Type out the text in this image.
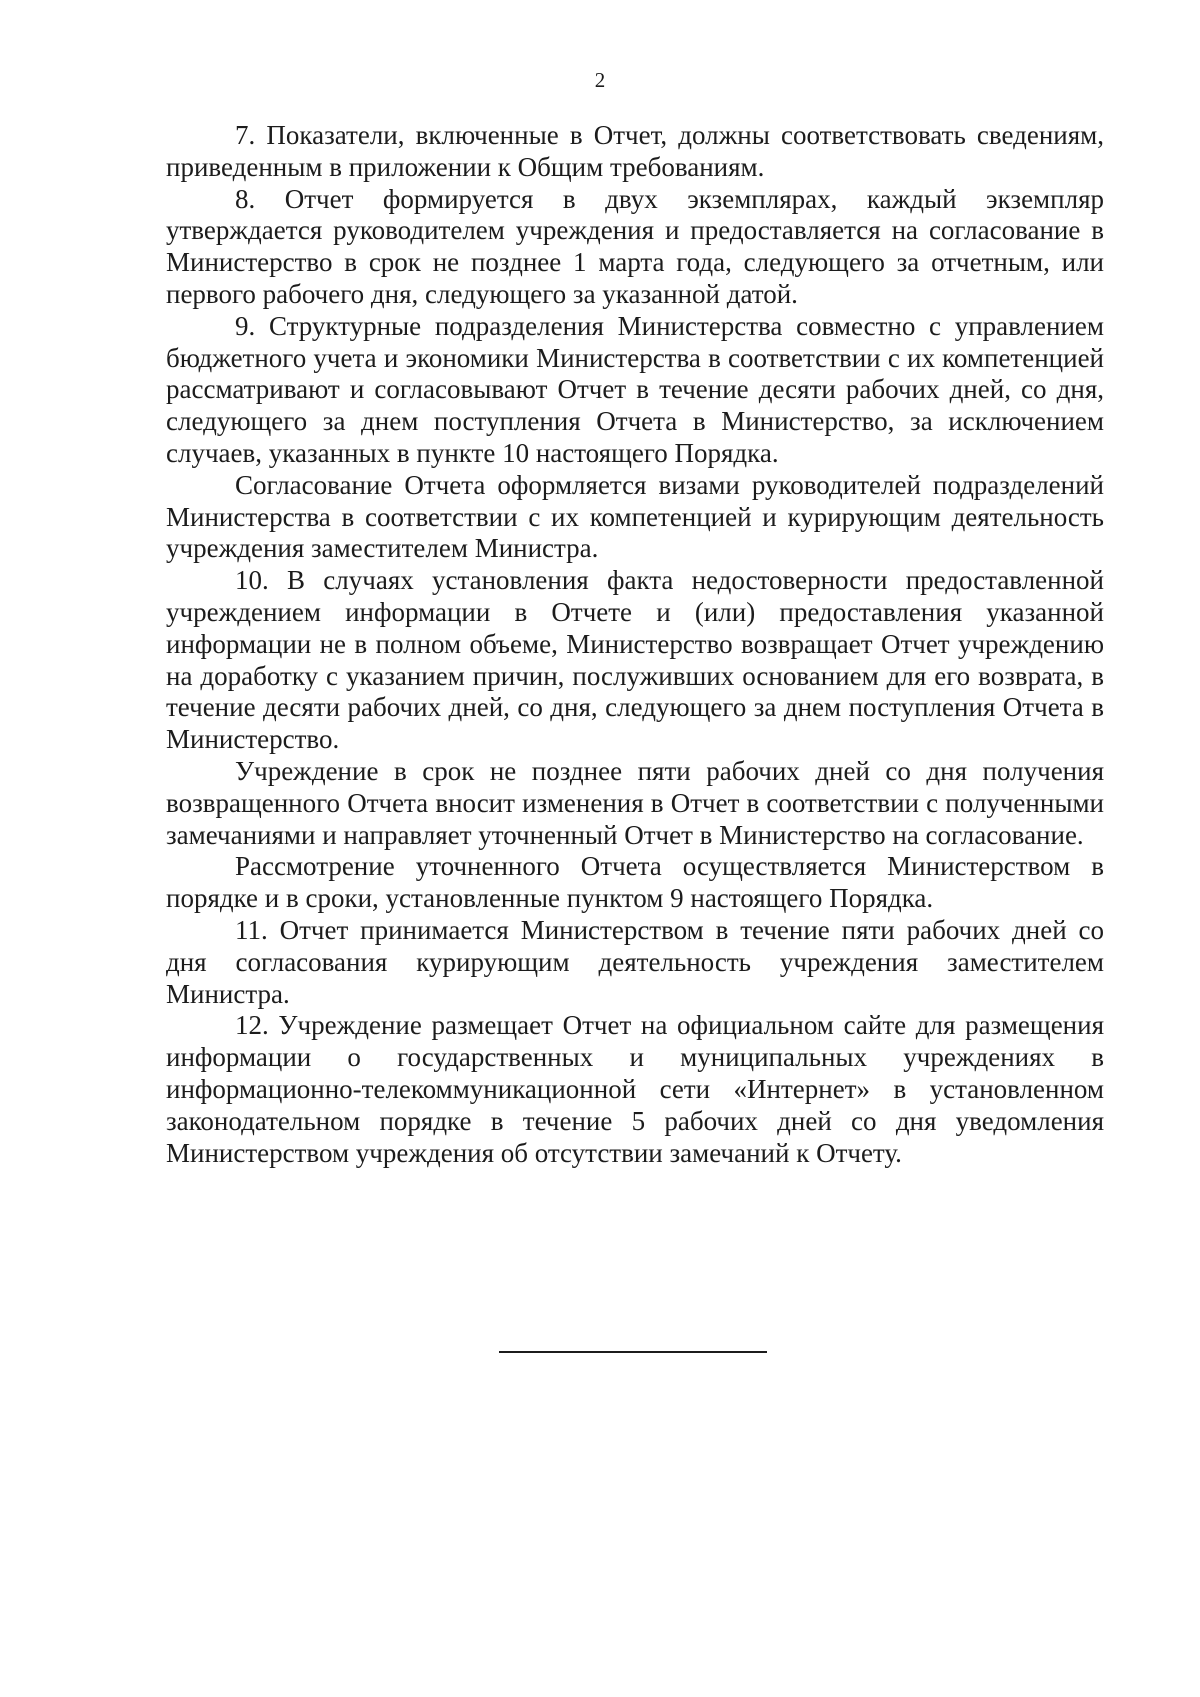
2

7. Показатели, включенные в Отчет, должны соответствовать сведениям, приведенным в приложении к Общим требованиям.

8. Отчет формируется в двух экземплярах, каждый экземпляр утверждается руководителем учреждения и предоставляется на согласование в Министерство в срок не позднее 1 марта года, следующего за отчетным, или первого рабочего дня, следующего за указанной датой.

9. Структурные подразделения Министерства совместно с управлением бюджетного учета и экономики Министерства в соответствии с их компетенцией рассматривают и согласовывают Отчет в течение десяти рабочих дней, со дня, следующего за днем поступления Отчета в Министерство, за исключением случаев, указанных в пункте 10 настоящего Порядка.

Согласование Отчета оформляется визами руководителей подразделений Министерства в соответствии с их компетенцией и курирующим деятельность учреждения заместителем Министра.

10. В случаях установления факта недостоверности предоставленной учреждением информации в Отчете и (или) предоставления указанной информации не в полном объеме, Министерство возвращает Отчет учреждению на доработку с указанием причин, послуживших основанием для его возврата, в течение десяти рабочих дней, со дня, следующего за днем поступления Отчета в Министерство.

Учреждение в срок не позднее пяти рабочих дней со дня получения возвращенного Отчета вносит изменения в Отчет в соответствии с полученными замечаниями и направляет уточненный Отчет в Министерство на согласование.

Рассмотрение уточненного Отчета осуществляется Министерством в порядке и в сроки, установленные пунктом 9 настоящего Порядка.

11. Отчет принимается Министерством в течение пяти рабочих дней со дня согласования курирующим деятельность учреждения заместителем Министра.

12. Учреждение размещает Отчет на официальном сайте для размещения информации о государственных и муниципальных учреждениях в информационно-телекоммуникационной сети «Интернет» в установленном законодательном порядке в течение 5 рабочих дней со дня уведомления Министерством учреждения об отсутствии замечаний к Отчету.
